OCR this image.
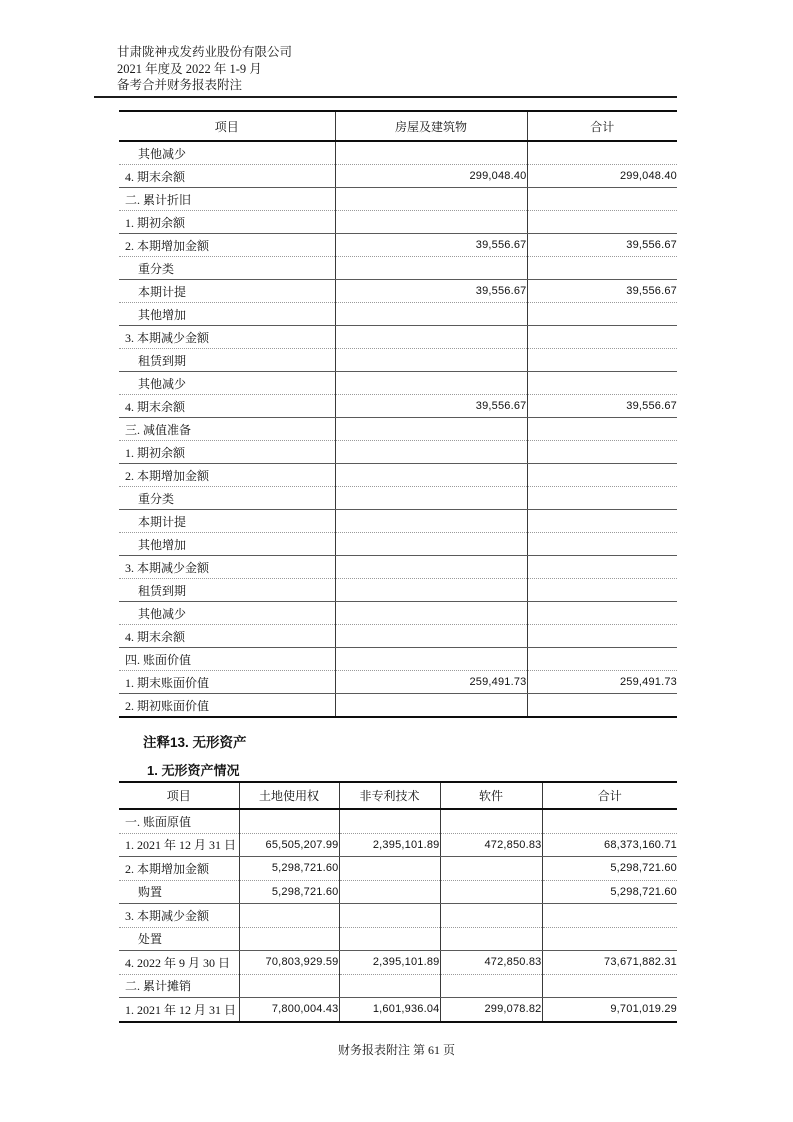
甘肃陇神戎发药业股份有限公司
2021 年度及 2022 年 1-9 月
备考合并财务报表附注
项目	房屋及建筑物	合计
其他减少		
4. 期末余额	299,048.40	299,048.40
二. 累计折旧		
1. 期初余额		
2. 本期增加金额	39,556.67	39,556.67
重分类		
本期计提	39,556.67	39,556.67
其他增加		
3. 本期减少金额		
租赁到期		
其他减少		
4. 期末余额	39,556.67	39,556.67
三. 减值准备		
1. 期初余额		
2. 本期增加金额		
重分类		
本期计提		
其他增加		
3. 本期减少金额		
租赁到期		
其他减少		
4. 期末余额		
四. 账面价值		
1. 期末账面价值	259,491.73	259,491.73
2. 期初账面价值		
注释13. 无形资产
1. 无形资产情况
项目	土地使用权	非专利技术	软件	合计
一. 账面原值				
1. 2021 年 12 月 31 日	65,505,207.99	2,395,101.89	472,850.83	68,373,160.71
2. 本期增加金额	5,298,721.60			5,298,721.60
购置	5,298,721.60			5,298,721.60
3. 本期减少金额				
处置				
4. 2022 年 9 月 30 日	70,803,929.59	2,395,101.89	472,850.83	73,671,882.31
二. 累计摊销				
1. 2021 年 12 月 31 日	7,800,004.43	1,601,936.04	299,078.82	9,701,019.29
财务报表附注 第 61 页
